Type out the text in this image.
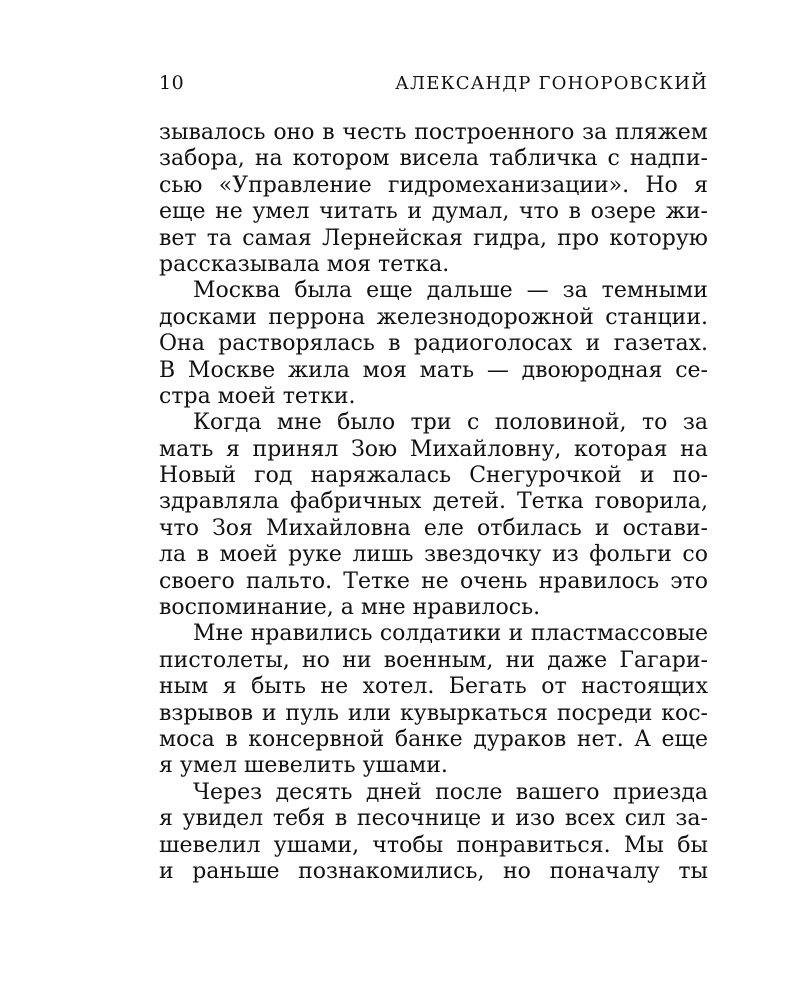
10	АЛЕКСАНДР ГОНОРОВСКИЙ
зывалось оно в честь построенного за пляжем
забора, на котором висела табличка с надпи-
сью «Управление гидромеханизации». Но я
еще не умел читать и думал, что в озере жи-
вет та самая Лернейская гидра, про которую
рассказывала моя тетка.
Москва была еще дальше — за темными
досками перрона железнодорожной станции.
Она растворялась в радиоголосах и газетах.
В Москве жила моя мать — двоюродная се-
стра моей тетки.
Когда мне было три с половиной, то за
мать я принял Зою Михайловну, которая на
Новый год наряжалась Снегурочкой и по-
здравляла фабричных детей. Тетка говорила,
что Зоя Михайловна еле отбилась и остави-
ла в моей руке лишь звездочку из фольги со
своего пальто. Тетке не очень нравилось это
воспоминание, а мне нравилось.
Мне нравились солдатики и пластмассовые
пистолеты, но ни военным, ни даже Гагари-
ным я быть не хотел. Бегать от настоящих
взрывов и пуль или кувыркаться посреди кос-
моса в консервной банке дураков нет. А еще
я умел шевелить ушами.
Через десять дней после вашего приезда
я увидел тебя в песочнице и изо всех сил за-
шевелил ушами, чтобы понравиться. Мы бы
и раньше познакомились, но поначалу ты
